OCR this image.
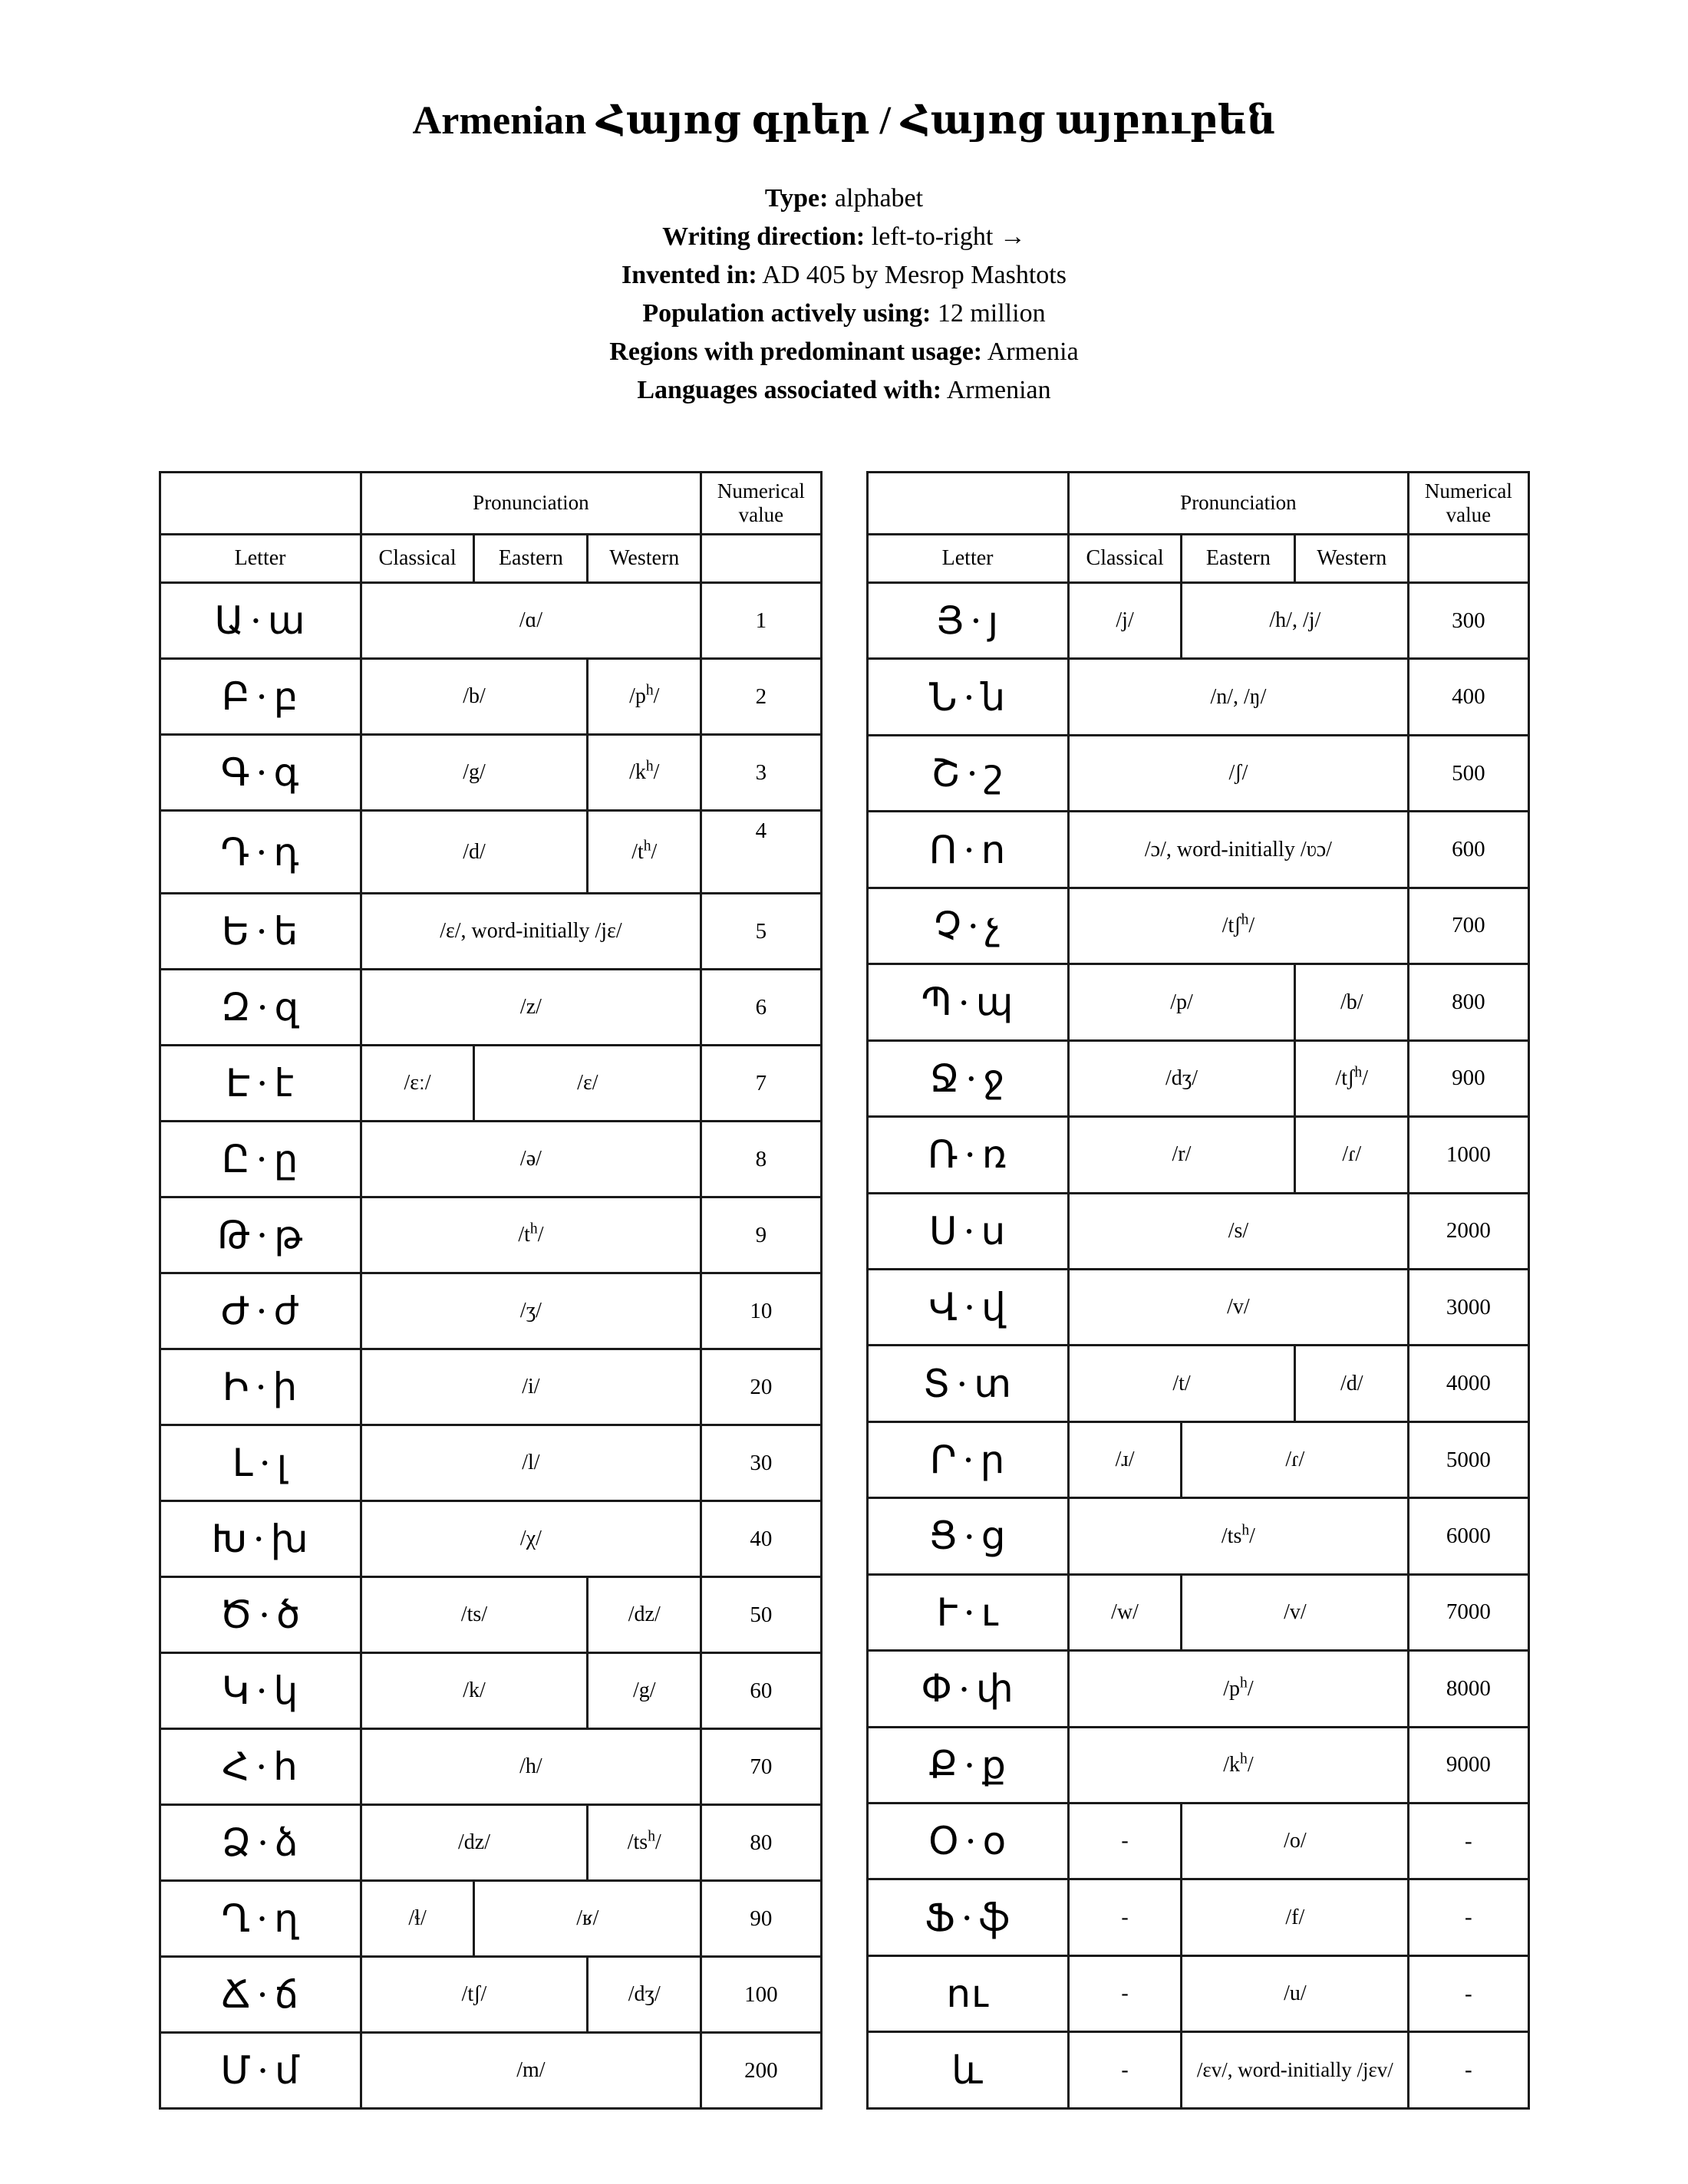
Armenian Հայոց գրեր / Հայոց այբուբեն
Type: alphabet
Writing direction: left-to-right →
Invented in: AD 405 by Mesrop Mashtots
Population actively using: 12 million
Regions with predominant usage: Armenia
Languages associated with: Armenian
	Pronunciation			Numerical value
Letter	Classical	Eastern	Western	
Ա • ա	/ɑ/			1
Բ • բ	/b/		$/p^h/$	2
Գ • գ	/g/		$/k^h/$	3
Դ • դ	/d/		$/t^h/$	4
Ե • ե	/ɛ/, word-initially /jɛ/			5
Զ • զ	/z/			6
Է • է	/ɛː/	/ɛ/		7
Ը • ը	/ə/			8
Թ • թ	$/t^h/$			9
Ժ • ժ	/ʒ/			10
Ի • ի	/i/			20
Լ • լ	/l/			30
Խ • խ	/χ/			40
Ծ • ծ	/ts/		/dz/	50
Կ • կ	/k/		/g/	60
Հ • հ	/h/			70
Ձ • ձ	/dz/		$/ts^h/$	80
Ղ • ղ	/ɬ/	/ʁ/		90
Ճ • ճ	/tʃ/		/dʒ/	100
Մ • մ	/m/			200
	Pronunciation			Numerical value
Letter	Classical	Eastern	Western	
Յ • յ	/j/	/h/, /j/		300
Ն • ն	/n/, /ŋ/			400
Շ • շ	/ʃ/			500
Ո • ո	/ɔ/, word-initially /ʋɔ/			600
Չ • չ	/tʃ$^h$/			700
Պ • պ	/p/		/b/	800
Ջ • ջ	/dʒ/		/tʃ$^h$/	900
Ռ • ռ	/r/		/ɾ/	1000
Ս • ս	/s/			2000
Վ • վ	/v/			3000
Տ • տ	/t/		/d/	4000
Ր • ր	/ɹ/	/ɾ/		5000
Ց • ց	$/ts^h/$			6000
Ւ • ւ	/w/	/v/		7000
Փ • փ	$/p^h/$			8000
Ք • ք	$/k^h/$			9000
Օ • օ	-	/o/		-
Ֆ • ֆ	-	/f/		-
ու	-	/u/		-
և	-	/ɛv/, word-initially /jɛv/		-
